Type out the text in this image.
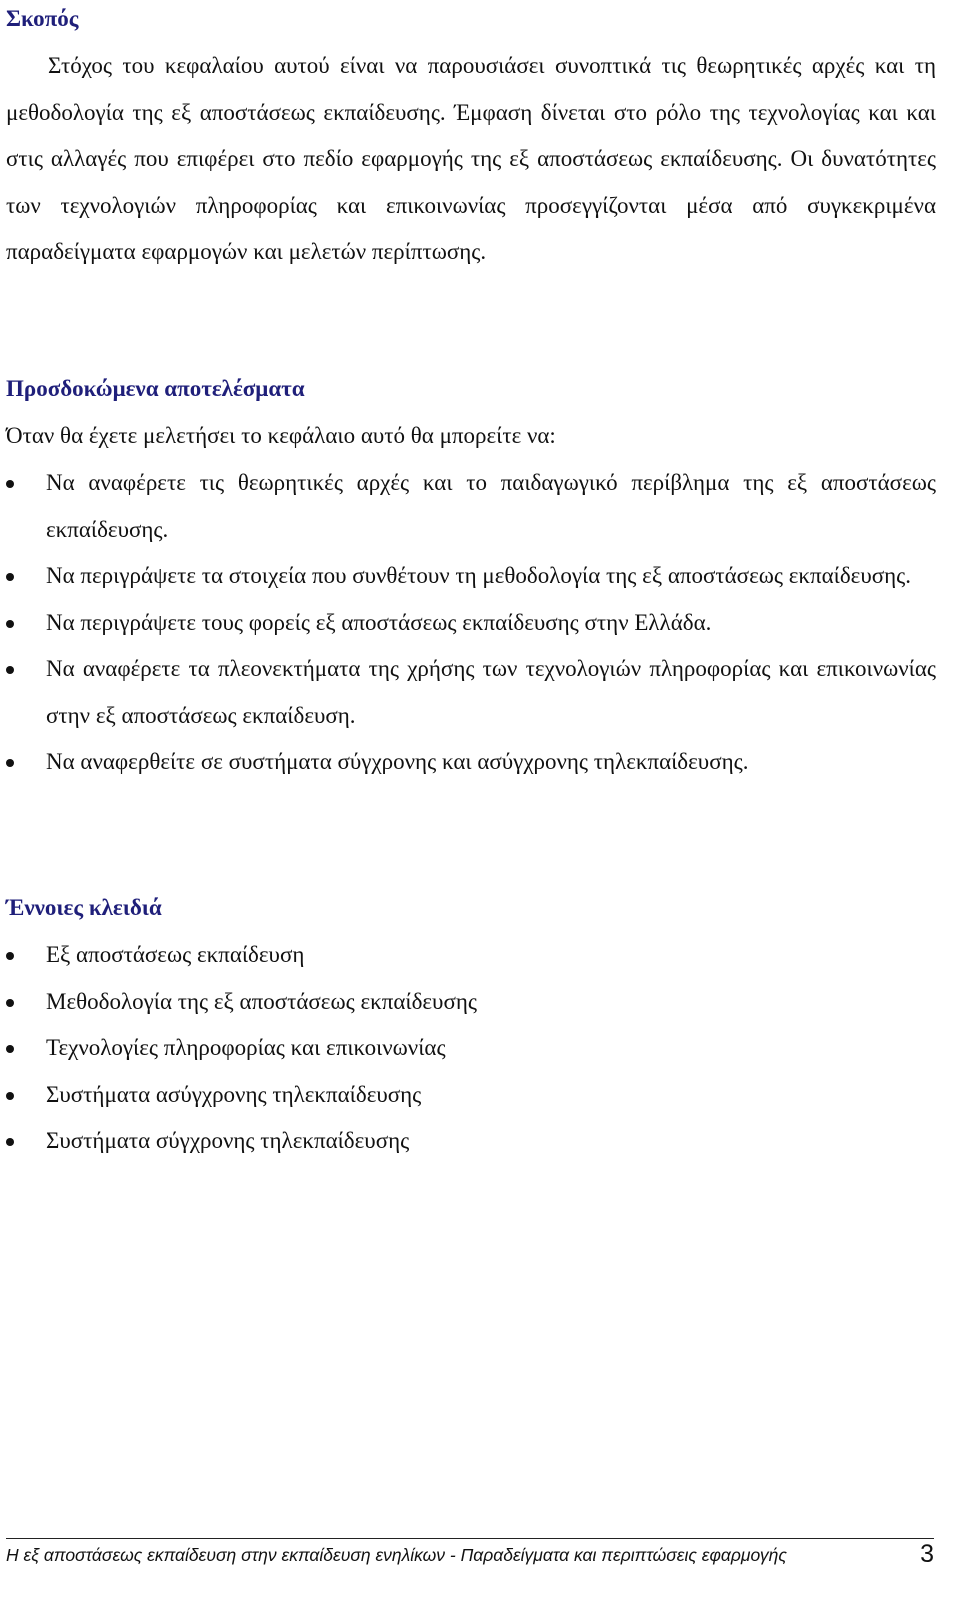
Σκοπός

Στόχος του κεφαλαίου αυτού είναι να παρουσιάσει συνοπτικά τις θεωρητικές αρχές και τη μεθοδολογία της εξ αποστάσεως εκπαίδευσης. Έμφαση δίνεται στο ρόλο της τεχνολογίας και και στις αλλαγές που επιφέρει στο πεδίο εφαρμογής της εξ αποστάσεως εκπαίδευσης. Οι δυνατότητες των τεχνολογιών πληροφορίας και επικοινωνίας προσεγγίζονται μέσα από συγκεκριμένα παραδείγματα εφαρμογών και μελετών περίπτωσης.

Προσδοκώμενα αποτελέσματα

Όταν θα έχετε μελετήσει το κεφάλαιο αυτό θα μπορείτε να:

Να αναφέρετε τις θεωρητικές αρχές και το παιδαγωγικό περίβλημα της εξ αποστάσεως εκπαίδευσης.
Να περιγράψετε τα στοιχεία που συνθέτουν τη μεθοδολογία της εξ αποστάσεως εκπαίδευσης.
Να περιγράψετε τους φορείς εξ αποστάσεως εκπαίδευσης στην Ελλάδα.
Να αναφέρετε τα πλεονεκτήματα της χρήσης των τεχνολογιών πληροφορίας και επικοινωνίας στην εξ αποστάσεως εκπαίδευση.
Να αναφερθείτε σε συστήματα σύγχρονης και ασύγχρονης τηλεκπαίδευσης.
Έννοιες κλειδιά
Εξ αποστάσεως εκπαίδευση
Μεθοδολογία της εξ αποστάσεως εκπαίδευσης
Τεχνολογίες πληροφορίας και επικοινωνίας
Συστήματα ασύγχρονης τηλεκπαίδευσης
Συστήματα σύγχρονης τηλεκπαίδευσης
Η εξ αποστάσεως εκπαίδευση στην εκπαίδευση ενηλίκων - Παραδείγματα και περιπτώσεις εφαρμογής	3
